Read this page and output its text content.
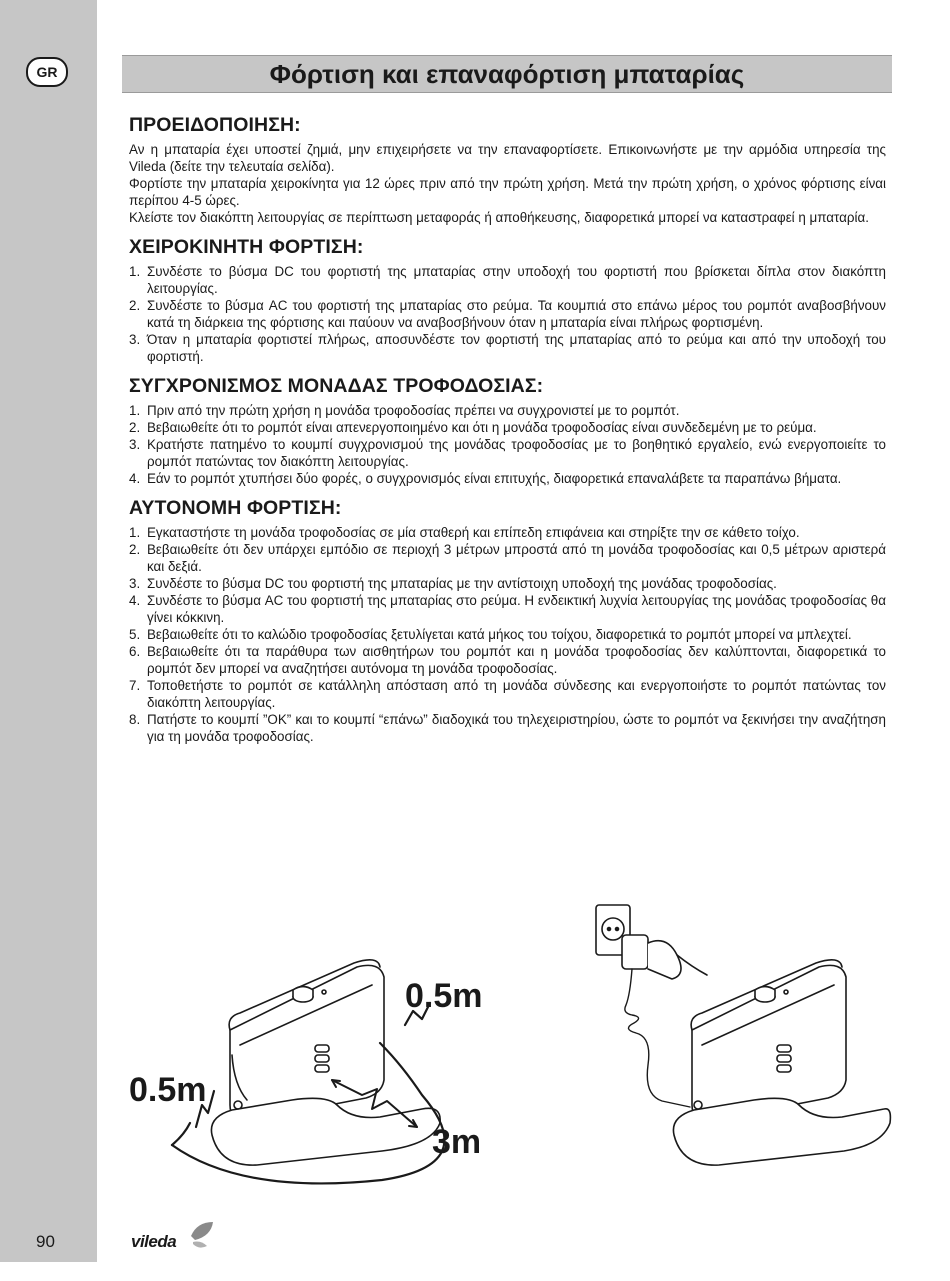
GR
90
Φόρτιση και επαναφόρτιση μπαταρίας
ΠΡΟΕΙΔΟΠΟΙΗΣΗ:

Αν η μπαταρία έχει υποστεί ζημιά, μην επιχειρήσετε να την επαναφορτίσετε. Επικοινωνήστε με την αρμόδια υπηρεσία της Vileda (δείτε την τελευταία σελίδα).

Φορτίστε την μπαταρία χειροκίνητα για 12 ώρες πριν από την πρώτη χρήση. Μετά την πρώτη χρήση, ο χρόνος φόρτισης είναι περίπου 4-5 ώρες.

Κλείστε τον διακόπτη λειτουργίας σε περίπτωση μεταφοράς ή αποθήκευσης, διαφορετικά μπορεί να καταστραφεί η μπαταρία.

ΧΕΙΡΟΚΙΝΗΤΗ ΦΟΡΤΙΣΗ:
1. Συνδέστε το βύσμα DC του φορτιστή της μπαταρίας στην υποδοχή του φορτιστή που βρίσκεται δίπλα στον διακόπτη λειτουργίας.
2. Συνδέστε το βύσμα AC του φορτιστή της μπαταρίας στο ρεύμα. Τα κουμπιά στο επάνω μέρος του ρομπότ αναβοσβήνουν κατά τη διάρκεια της φόρτισης και παύουν να αναβοσβήνουν όταν η μπαταρία είναι πλήρως φορτισμένη.
3. Όταν η μπαταρία φορτιστεί πλήρως, αποσυνδέστε τον φορτιστή της μπαταρίας από το ρεύμα και από την υποδοχή του φορτιστή.
ΣΥΓΧΡΟΝΙΣΜΟΣ ΜΟΝΑΔΑΣ ΤΡΟΦΟΔΟΣΙΑΣ:
1. Πριν από την πρώτη χρήση η μονάδα τροφοδοσίας πρέπει να συγχρονιστεί με το ρομπότ.
2. Βεβαιωθείτε ότι το ρομπότ είναι απενεργοποιημένο και ότι η μονάδα τροφοδοσίας είναι συνδεδεμένη με το ρεύμα.
3. Κρατήστε πατημένο το κουμπί συγχρονισμού της μονάδας τροφοδοσίας με το βοηθητικό εργαλείο, ενώ ενεργοποιείτε το ρομπότ πατώντας τον διακόπτη λειτουργίας.
4. Εάν το ρομπότ χτυπήσει δύο φορές, ο συγχρονισμός είναι επιτυχής, διαφορετικά επαναλάβετε τα παραπάνω βήματα.
ΑΥΤΟΝΟΜΗ ΦΟΡΤΙΣΗ:
1. Εγκαταστήστε τη μονάδα τροφοδοσίας σε μία σταθερή και επίπεδη επιφάνεια και στηρίξτε την σε κάθετο τοίχο.
2. Βεβαιωθείτε ότι δεν υπάρχει εμπόδιο σε περιοχή 3 μέτρων μπροστά από τη μονάδα τροφοδοσίας και 0,5 μέτρων αριστερά και δεξιά.
3. Συνδέστε το βύσμα DC του φορτιστή της μπαταρίας με την αντίστοιχη υποδοχή της μονάδας τροφοδοσίας.
4. Συνδέστε το βύσμα AC του φορτιστή της μπαταρίας στο ρεύμα. Η ενδεικτική λυχνία λειτουργίας της μονάδας τροφοδοσίας θα γίνει κόκκινη.
5. Βεβαιωθείτε ότι το καλώδιο τροφοδοσίας ξετυλίγεται κατά μήκος του τοίχου, διαφορετικά το ρομπότ μπορεί να μπλεχτεί.
6. Βεβαιωθείτε ότι τα παράθυρα των αισθητήρων του ρομπότ και η μονάδα τροφοδοσίας δεν καλύπτονται, διαφορετικά το ρομπότ δεν μπορεί να αναζητήσει αυτόνομα τη μονάδα τροφοδοσίας.
7. Τοποθετήστε το ρομπότ σε κατάλληλη απόσταση από τη μονάδα σύνδεσης και ενεργοποιήστε το ρομπότ πατώντας τον διακόπτη λειτουργίας.
8. Πατήστε το κουμπί ”OK” και το κουμπί “επάνω” διαδοχικά του τηλεχειριστηρίου, ώστε το ρομπότ να ξεκινήσει την αναζήτηση για τη μονάδα τροφοδοσίας.
0.5m
0.5m
3m
vileda
